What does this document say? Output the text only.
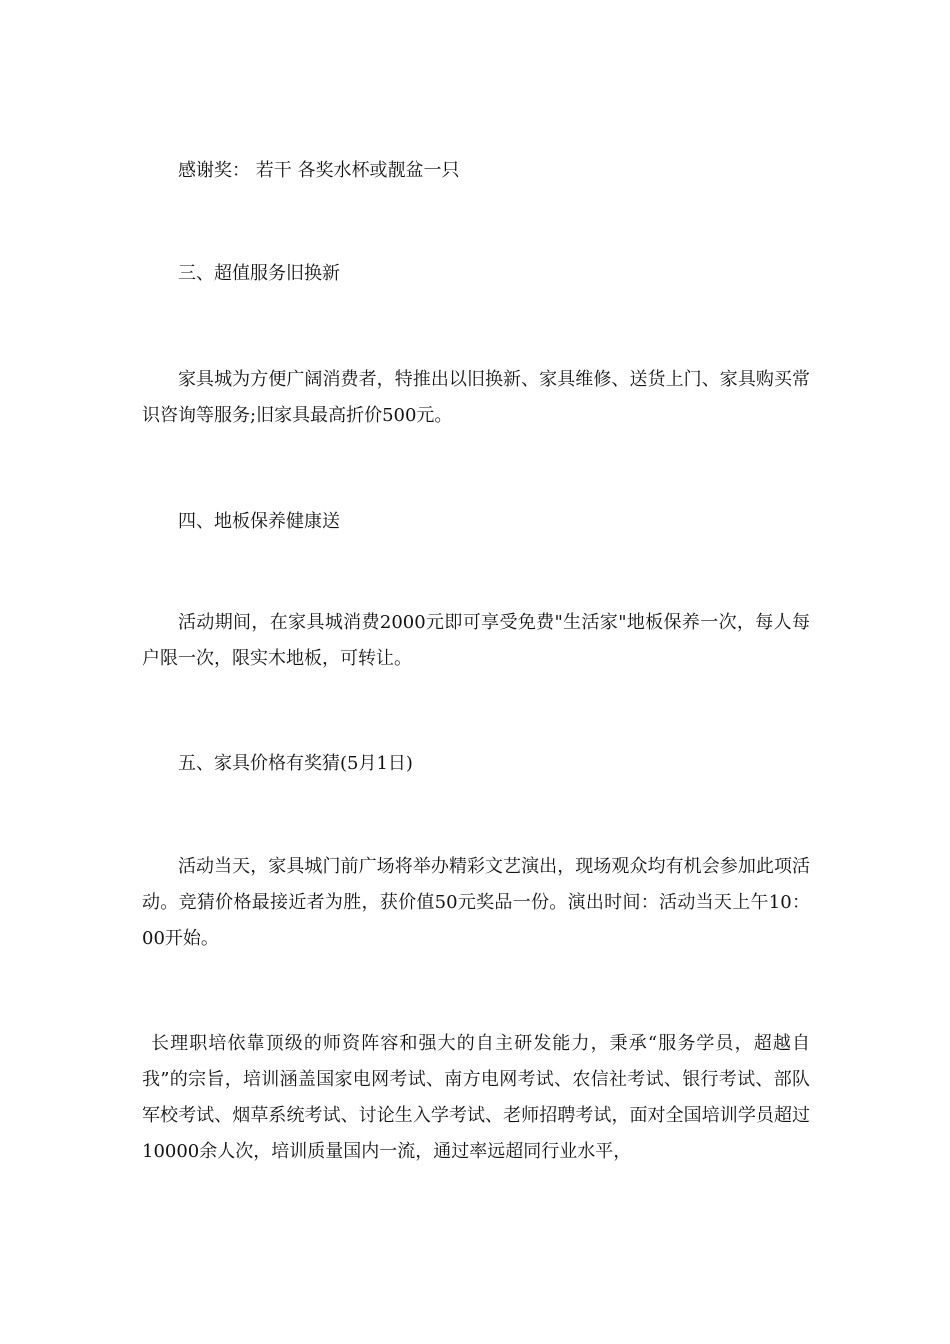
感谢奖： 若干 各奖水杯或靓盆一只

三、超值服务旧换新

家具城为方便广阔消费者，特推出以旧换新、家具维修、送货上门、家具购买常识咨询等服务;旧家具最高折价500元。

四、地板保养健康送

活动期间，在家具城消费2000元即可享受免费"生活家"地板保养一次，每人每户限一次，限实木地板，可转让。

五、家具价格有奖猜(5月1日)

活动当天，家具城门前广场将举办精彩文艺演出，现场观众均有机会参加此项活动。竞猜价格最接近者为胜，获价值50元奖品一份。演出时间：活动当天上午10：00开始。

长理职培依靠顶级的师资阵容和强大的自主研发能力，秉承“服务学员，超越自我”的宗旨，培训涵盖国家电网考试、南方电网考试、农信社考试、银行考试、部队军校考试、烟草系统考试、讨论生入学考试、老师招聘考试，面对全国培训学员超过10000余人次，培训质量国内一流，通过率远超同行业水平，
